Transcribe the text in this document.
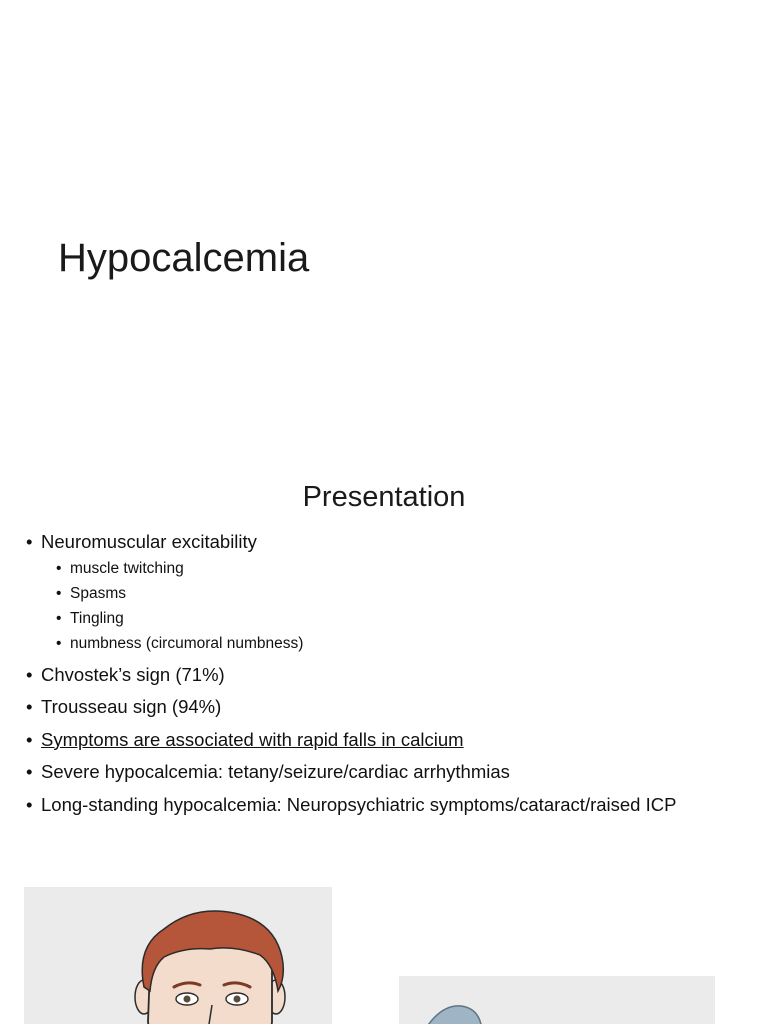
Hypocalcemia
Presentation
• Neuromuscular excitability
• muscle twitching
• Spasms
• Tingling
• numbness (circumoral numbness)
• Chvostek’s sign (71%)
• Trousseau sign (94%)
• Symptoms are associated with rapid falls in calcium
• Severe hypocalcemia: tetany/seizure/cardiac arrhythmias
• Long-standing hypocalcemia: Neuropsychiatric symptoms/cataract/raised ICP
